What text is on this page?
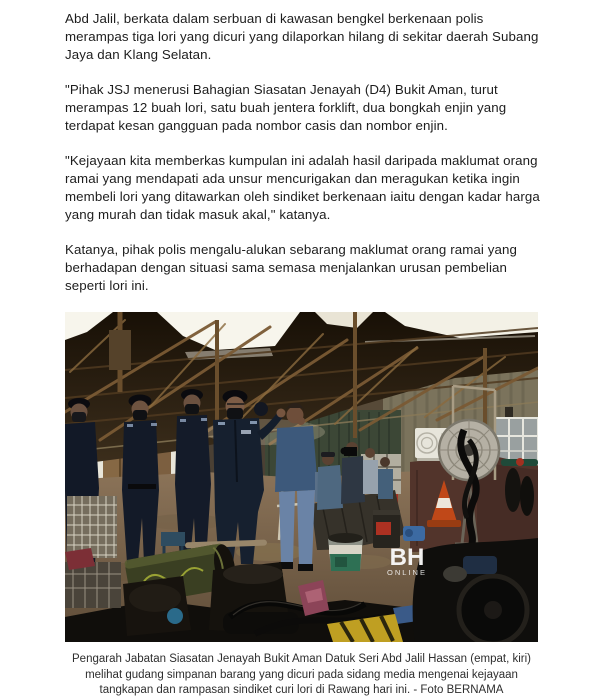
Abd Jalil, berkata dalam serbuan di kawasan bengkel berkenaan polis merampas tiga lori yang dicuri yang dilaporkan hilang di sekitar daerah Subang Jaya dan Klang Selatan.

"Pihak JSJ menerusi Bahagian Siasatan Jenayah (D4) Bukit Aman, turut merampas 12 buah lori, satu buah jentera forklift, dua bongkah enjin yang terdapat kesan gangguan pada nombor casis dan nombor enjin.

"Kejayaan kita memberkas kumpulan ini adalah hasil daripada maklumat orang ramai yang mendapati ada unsur mencurigakan dan meragukan ketika ingin membeli lori yang ditawarkan oleh sindiket berkenaan iaitu dengan kadar harga yang murah dan tidak masuk akal," katanya.

Katanya, pihak polis mengalu-alukan sebarang maklumat orang ramai yang berhadapan dengan situasi sama semasa menjalankan urusan pembelian seperti lori ini.

BH
ONLINE
Pengarah Jabatan Siasatan Jenayah Bukit Aman Datuk Seri Abd Jalil Hassan (empat, kiri) melihat gudang simpanan barang yang dicuri pada sidang media mengenai kejayaan tangkapan dan rampasan sindiket curi lori di Rawang hari ini. - Foto BERNAMA
